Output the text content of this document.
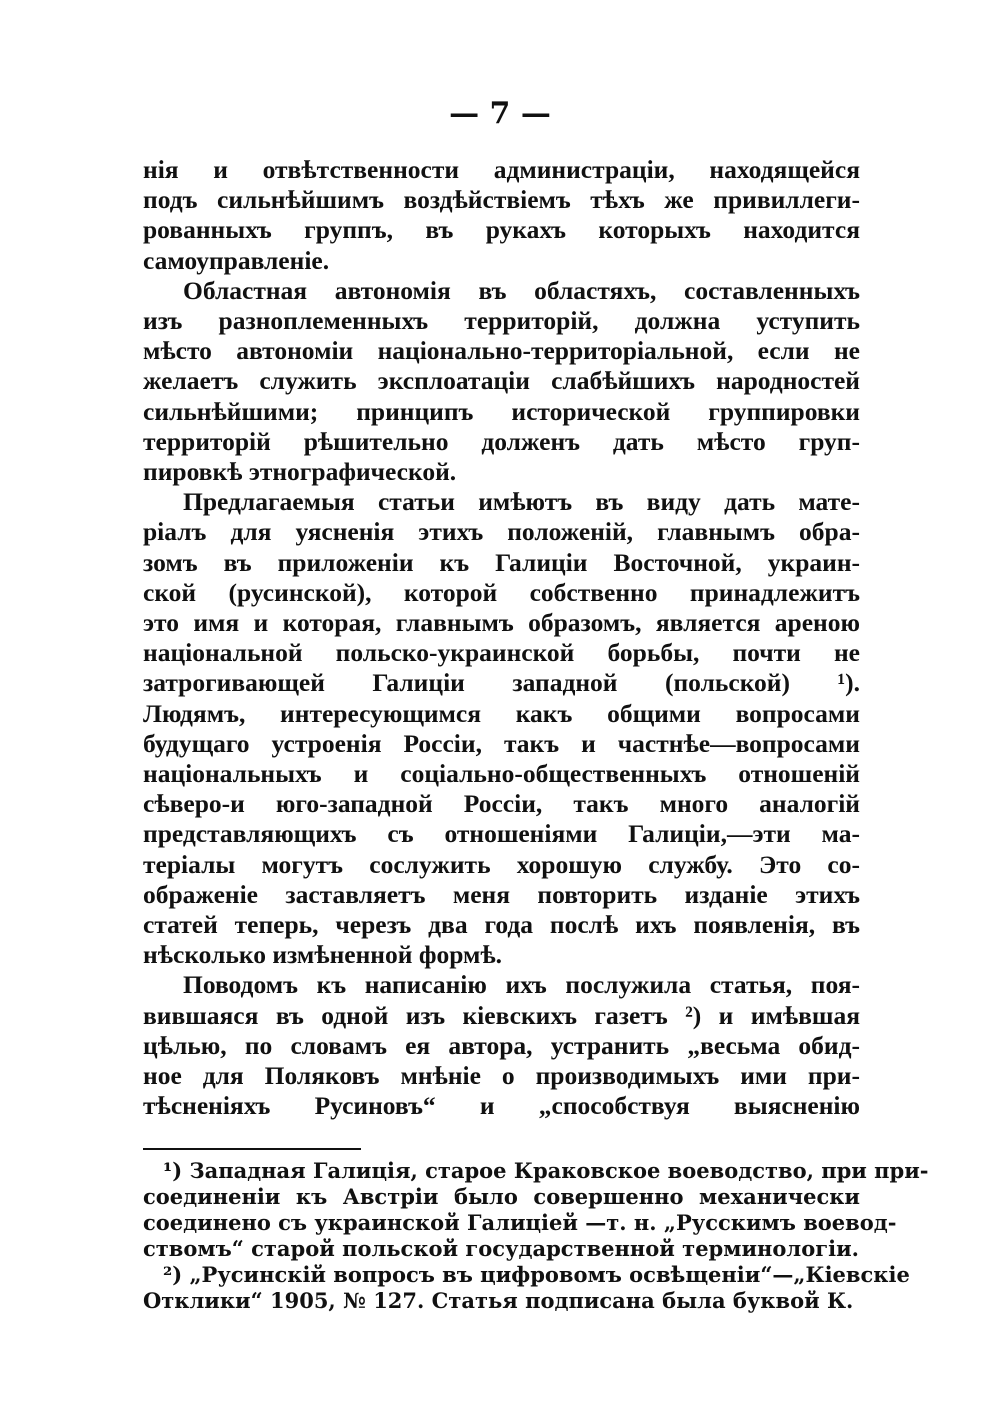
— 7 —
нія и отвѣтственности администраціи, находящейся
подъ сильнѣйшимъ воздѣйствіемъ тѣхъ же привиллеги-
рованныхъ группъ, въ рукахъ которыхъ находится
самоуправленіе.
Областная автономія въ областяхъ, составленныхъ
изъ разноплеменныхъ территорій, должна уступить
мѣсто автономіи національно-территоріальной, если не
желаетъ служить эксплоатаціи слабѣйшихъ народностей
сильнѣйшими; принципъ исторической группировки
территорій рѣшительно долженъ дать мѣсто груп-
пировкѣ этнографической.
Предлагаемыя статьи имѣютъ въ виду дать мате-
ріалъ для уясненія этихъ положеній, главнымъ обра-
зомъ въ приложеніи къ Галиціи Восточной, украин-
ской (русинской), которой собственно принадлежитъ
это имя и которая, главнымъ образомъ, является ареною
національной польско-украинской борьбы, почти не
затрогивающей Галиціи западной (польской) ¹).
Людямъ, интересующимся какъ общими вопросами
будущаго устроенія Россіи, такъ и частнѣе—вопросами
національныхъ и соціально-общественныхъ отношеній
сѣверо-и юго-западной Россіи, такъ много аналогій
представляющихъ съ отношеніями Галиціи,—эти ма-
теріалы могутъ сослужить хорошую службу. Это со-
ображеніе заставляетъ меня повторить изданіе этихъ
статей теперь, черезъ два года послѣ ихъ появленія, въ
нѣсколько измѣненной формѣ.
Поводомъ къ написанію ихъ послужила статья, поя-
вившаяся въ одной изъ кіевскихъ газетъ ²) и имѣвшая
цѣлью, по словамъ ея автора, устранить „весьма обид-
ное для Поляковъ мнѣніе о производимыхъ ими при-
тѣсненіяхъ Русиновъ“ и „способствуя выясненію
¹) Западная Галиція, старое Краковское воеводство, при при-
соединеніи къ Австріи было совершенно механически
соединено съ украинской Галиціей —т. н. „Русскимъ воевод-
ствомъ“ старой польской государственной терминологіи.
²) „Русинскій вопросъ въ цифровомъ освѣщеніи“—„Кіевскіе
Отклики“ 1905, № 127. Статья подписана была буквой К.
